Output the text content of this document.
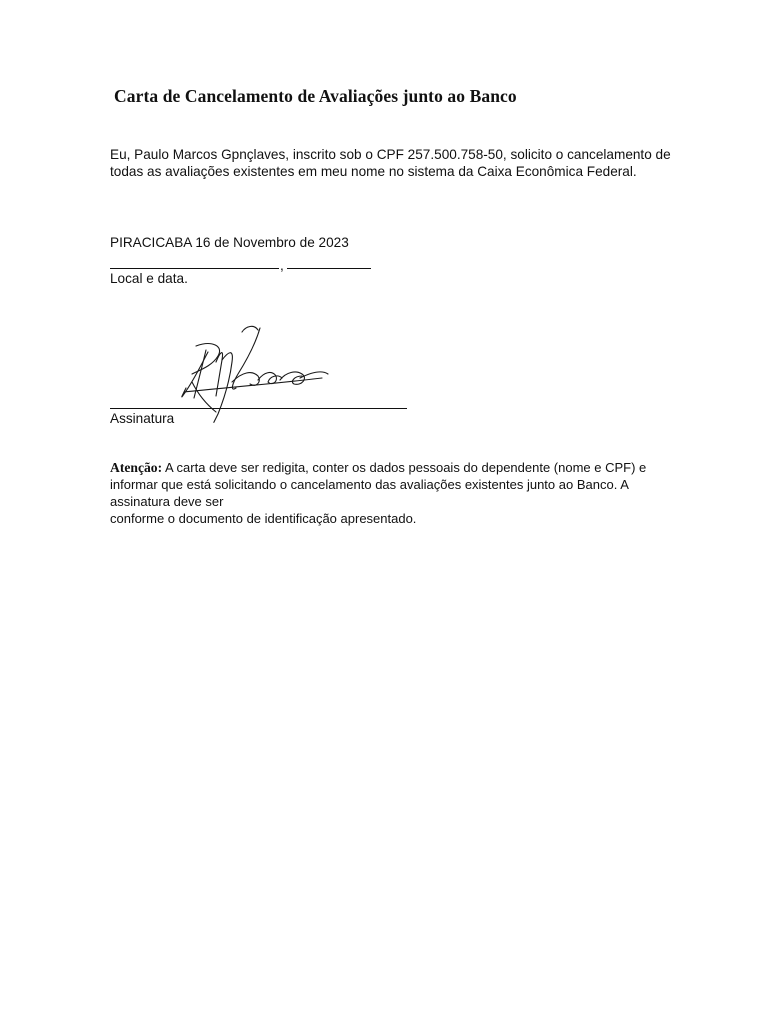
Carta de Cancelamento de Avaliações junto ao Banco

Eu, Paulo Marcos Gpnçlaves, inscrito sob o CPF 257.500.758-50, solicito o cancelamento de
todas as avaliações existentes em meu nome no sistema da Caixa Econômica Federal.

PIRACICABA 16 de Novembro de 2023
,
Local e data.
Assinatura

Atenção: A carta deve ser redigita, conter os dados pessoais do dependente (nome e CPF) e
informar que está solicitando o cancelamento das avaliações existentes junto ao Banco. A
assinatura deve ser
conforme o documento de identificação apresentado.
